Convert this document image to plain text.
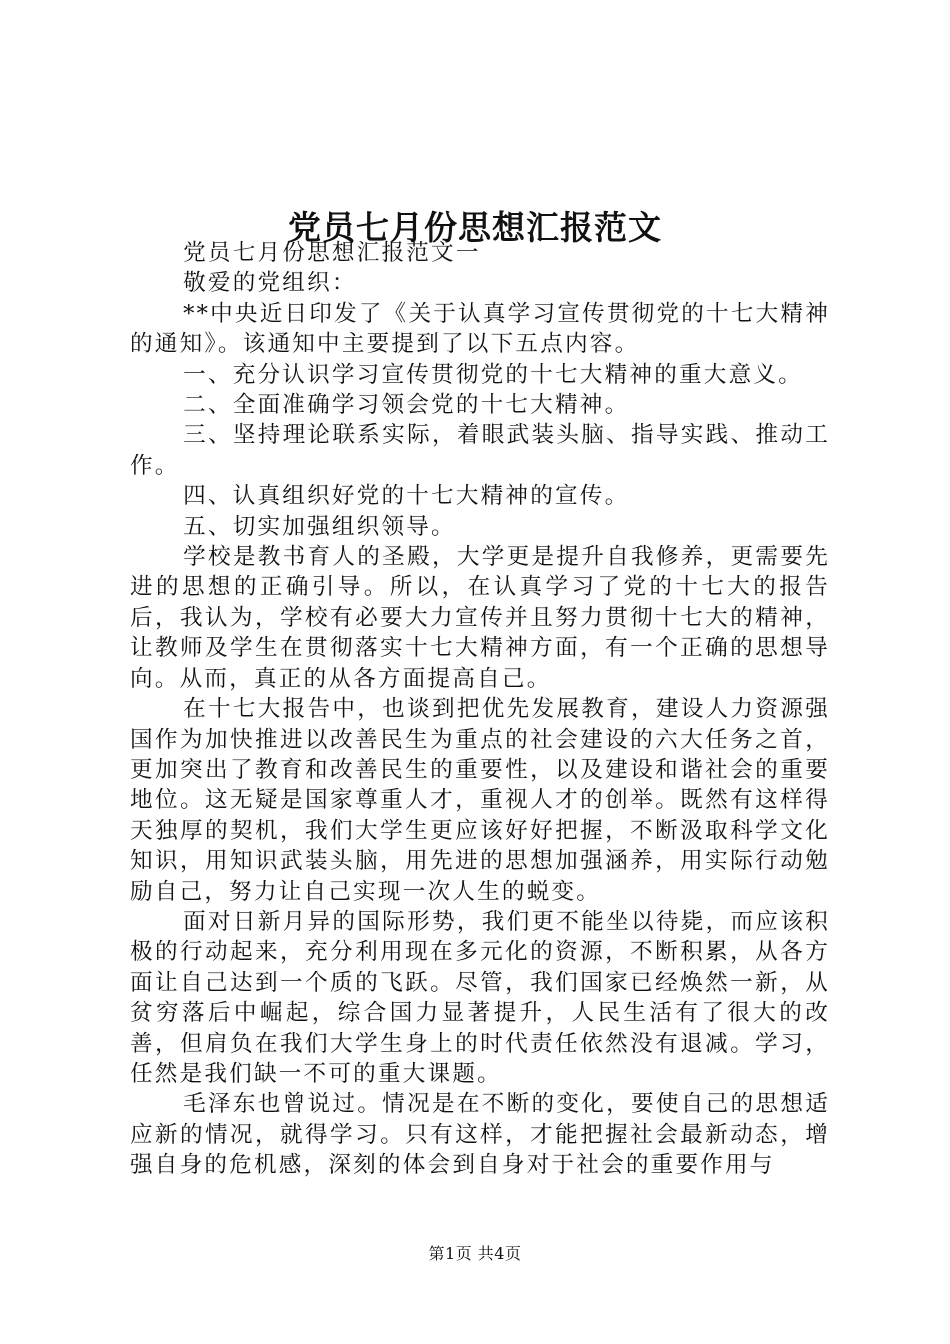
党员七月份思想汇报范文

党员七月份思想汇报范文一

敬爱的党组织：

**中央近日印发了《关于认真学习宣传贯彻党的十七大精神的通知》。该通知中主要提到了以下五点内容。

一、充分认识学习宣传贯彻党的十七大精神的重大意义。

二、全面准确学习领会党的十七大精神。

三、坚持理论联系实际，着眼武装头脑、指导实践、推动工作。

四、认真组织好党的十七大精神的宣传。

五、切实加强组织领导。

学校是教书育人的圣殿，大学更是提升自我修养，更需要先进的思想的正确引导。所以，在认真学习了党的十七大的报告后，我认为，学校有必要大力宣传并且努力贯彻十七大的精神，让教师及学生在贯彻落实十七大精神方面，有一个正确的思想导向。从而，真正的从各方面提高自己。

在十七大报告中，也谈到把优先发展教育，建设人力资源强国作为加快推进以改善民生为重点的社会建设的六大任务之首，更加突出了教育和改善民生的重要性，以及建设和谐社会的重要地位。这无疑是国家尊重人才，重视人才的创举。既然有这样得天独厚的契机，我们大学生更应该好好把握，不断汲取科学文化知识，用知识武装头脑，用先进的思想加强涵养，用实际行动勉励自己，努力让自己实现一次人生的蜕变。

面对日新月异的国际形势，我们更不能坐以待毙，而应该积极的行动起来，充分利用现在多元化的资源，不断积累，从各方面让自己达到一个质的飞跃。尽管，我们国家已经焕然一新，从贫穷落后中崛起，综合国力显著提升，人民生活有了很大的改善，但肩负在我们大学生身上的时代责任依然没有退减。学习，任然是我们缺一不可的重大课题。

毛泽东也曾说过。情况是在不断的变化，要使自己的思想适应新的情况，就得学习。只有这样，才能把握社会最新动态，增强自身的危机感，深刻的体会到自身对于社会的重要作用与

第1页 共4页
